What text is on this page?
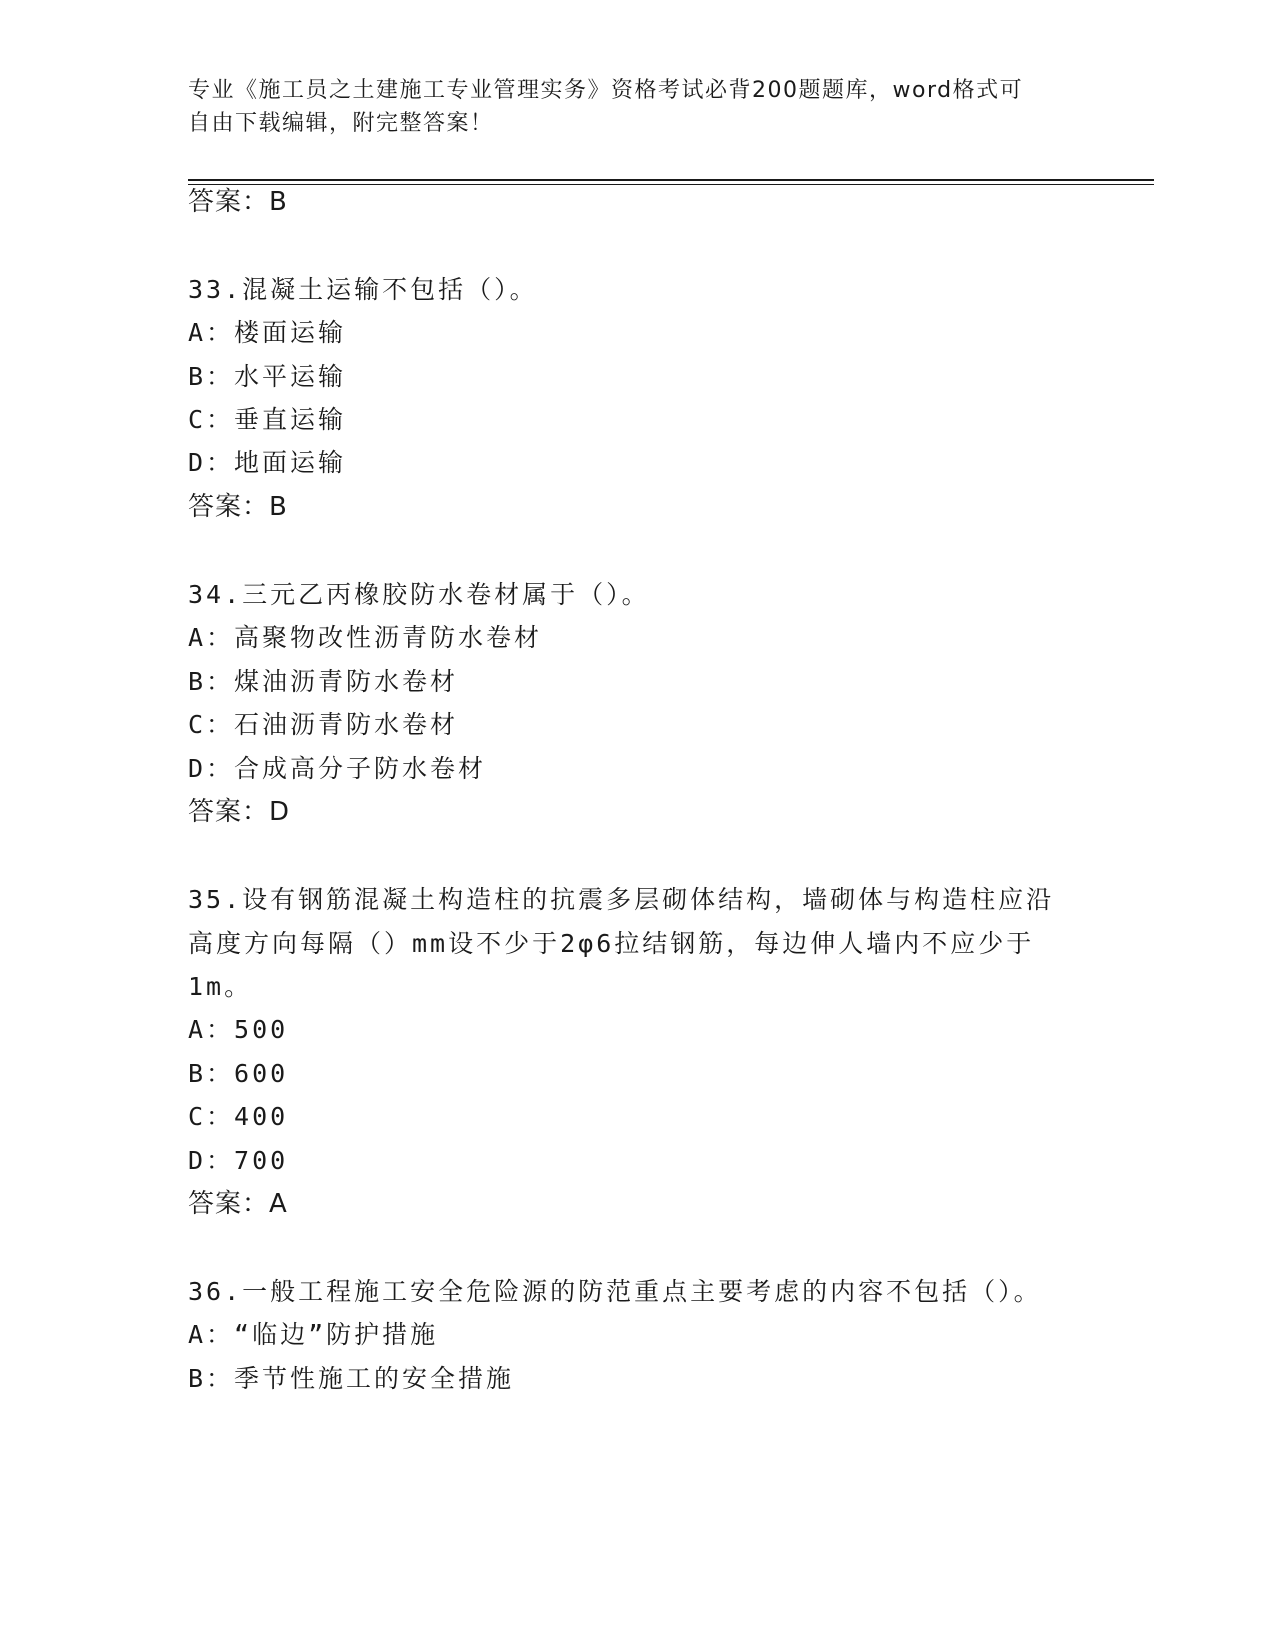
专业《施工员之土建施工专业管理实务》资格考试必背200题题库，word格式可
自由下载编辑，附完整答案！
答案：B
33.混凝土运输不包括（）。
A：楼面运输
B：水平运输
C：垂直运输
D：地面运输
答案：B
34.三元乙丙橡胶防水卷材属于（）。
A：高聚物改性沥青防水卷材
B：煤油沥青防水卷材
C：石油沥青防水卷材
D：合成高分子防水卷材
答案：D
35.设有钢筋混凝土构造柱的抗震多层砌体结构，墙砌体与构造柱应沿
高度方向每隔（）mm设不少于2φ6拉结钢筋，每边伸人墙内不应少于
1m。
A：500
B：600
C：400
D：700
答案：A
36.一般工程施工安全危险源的防范重点主要考虑的内容不包括（）。
A：“临边”防护措施
B：季节性施工的安全措施
